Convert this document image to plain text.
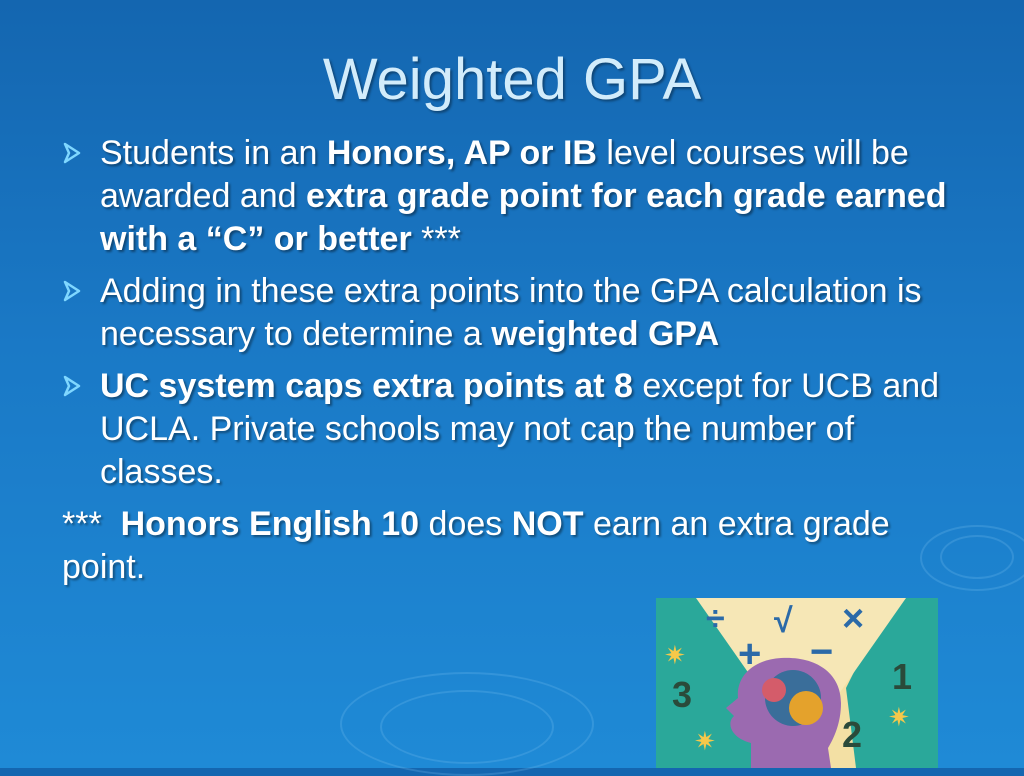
Weighted GPA
Students in an Honors, AP or IB level courses will be awarded and extra grade point for each grade earned with a “C” or better ***
Adding in these extra points into the GPA calculation is necessary to determine a weighted GPA
UC system caps extra points at 8 except for UCB and UCLA. Private schools may not cap the number of classes.
***  Honors English 10 does NOT earn an extra grade point.
÷ √ ×
+ −
1
2
3
✷
✷
✷
